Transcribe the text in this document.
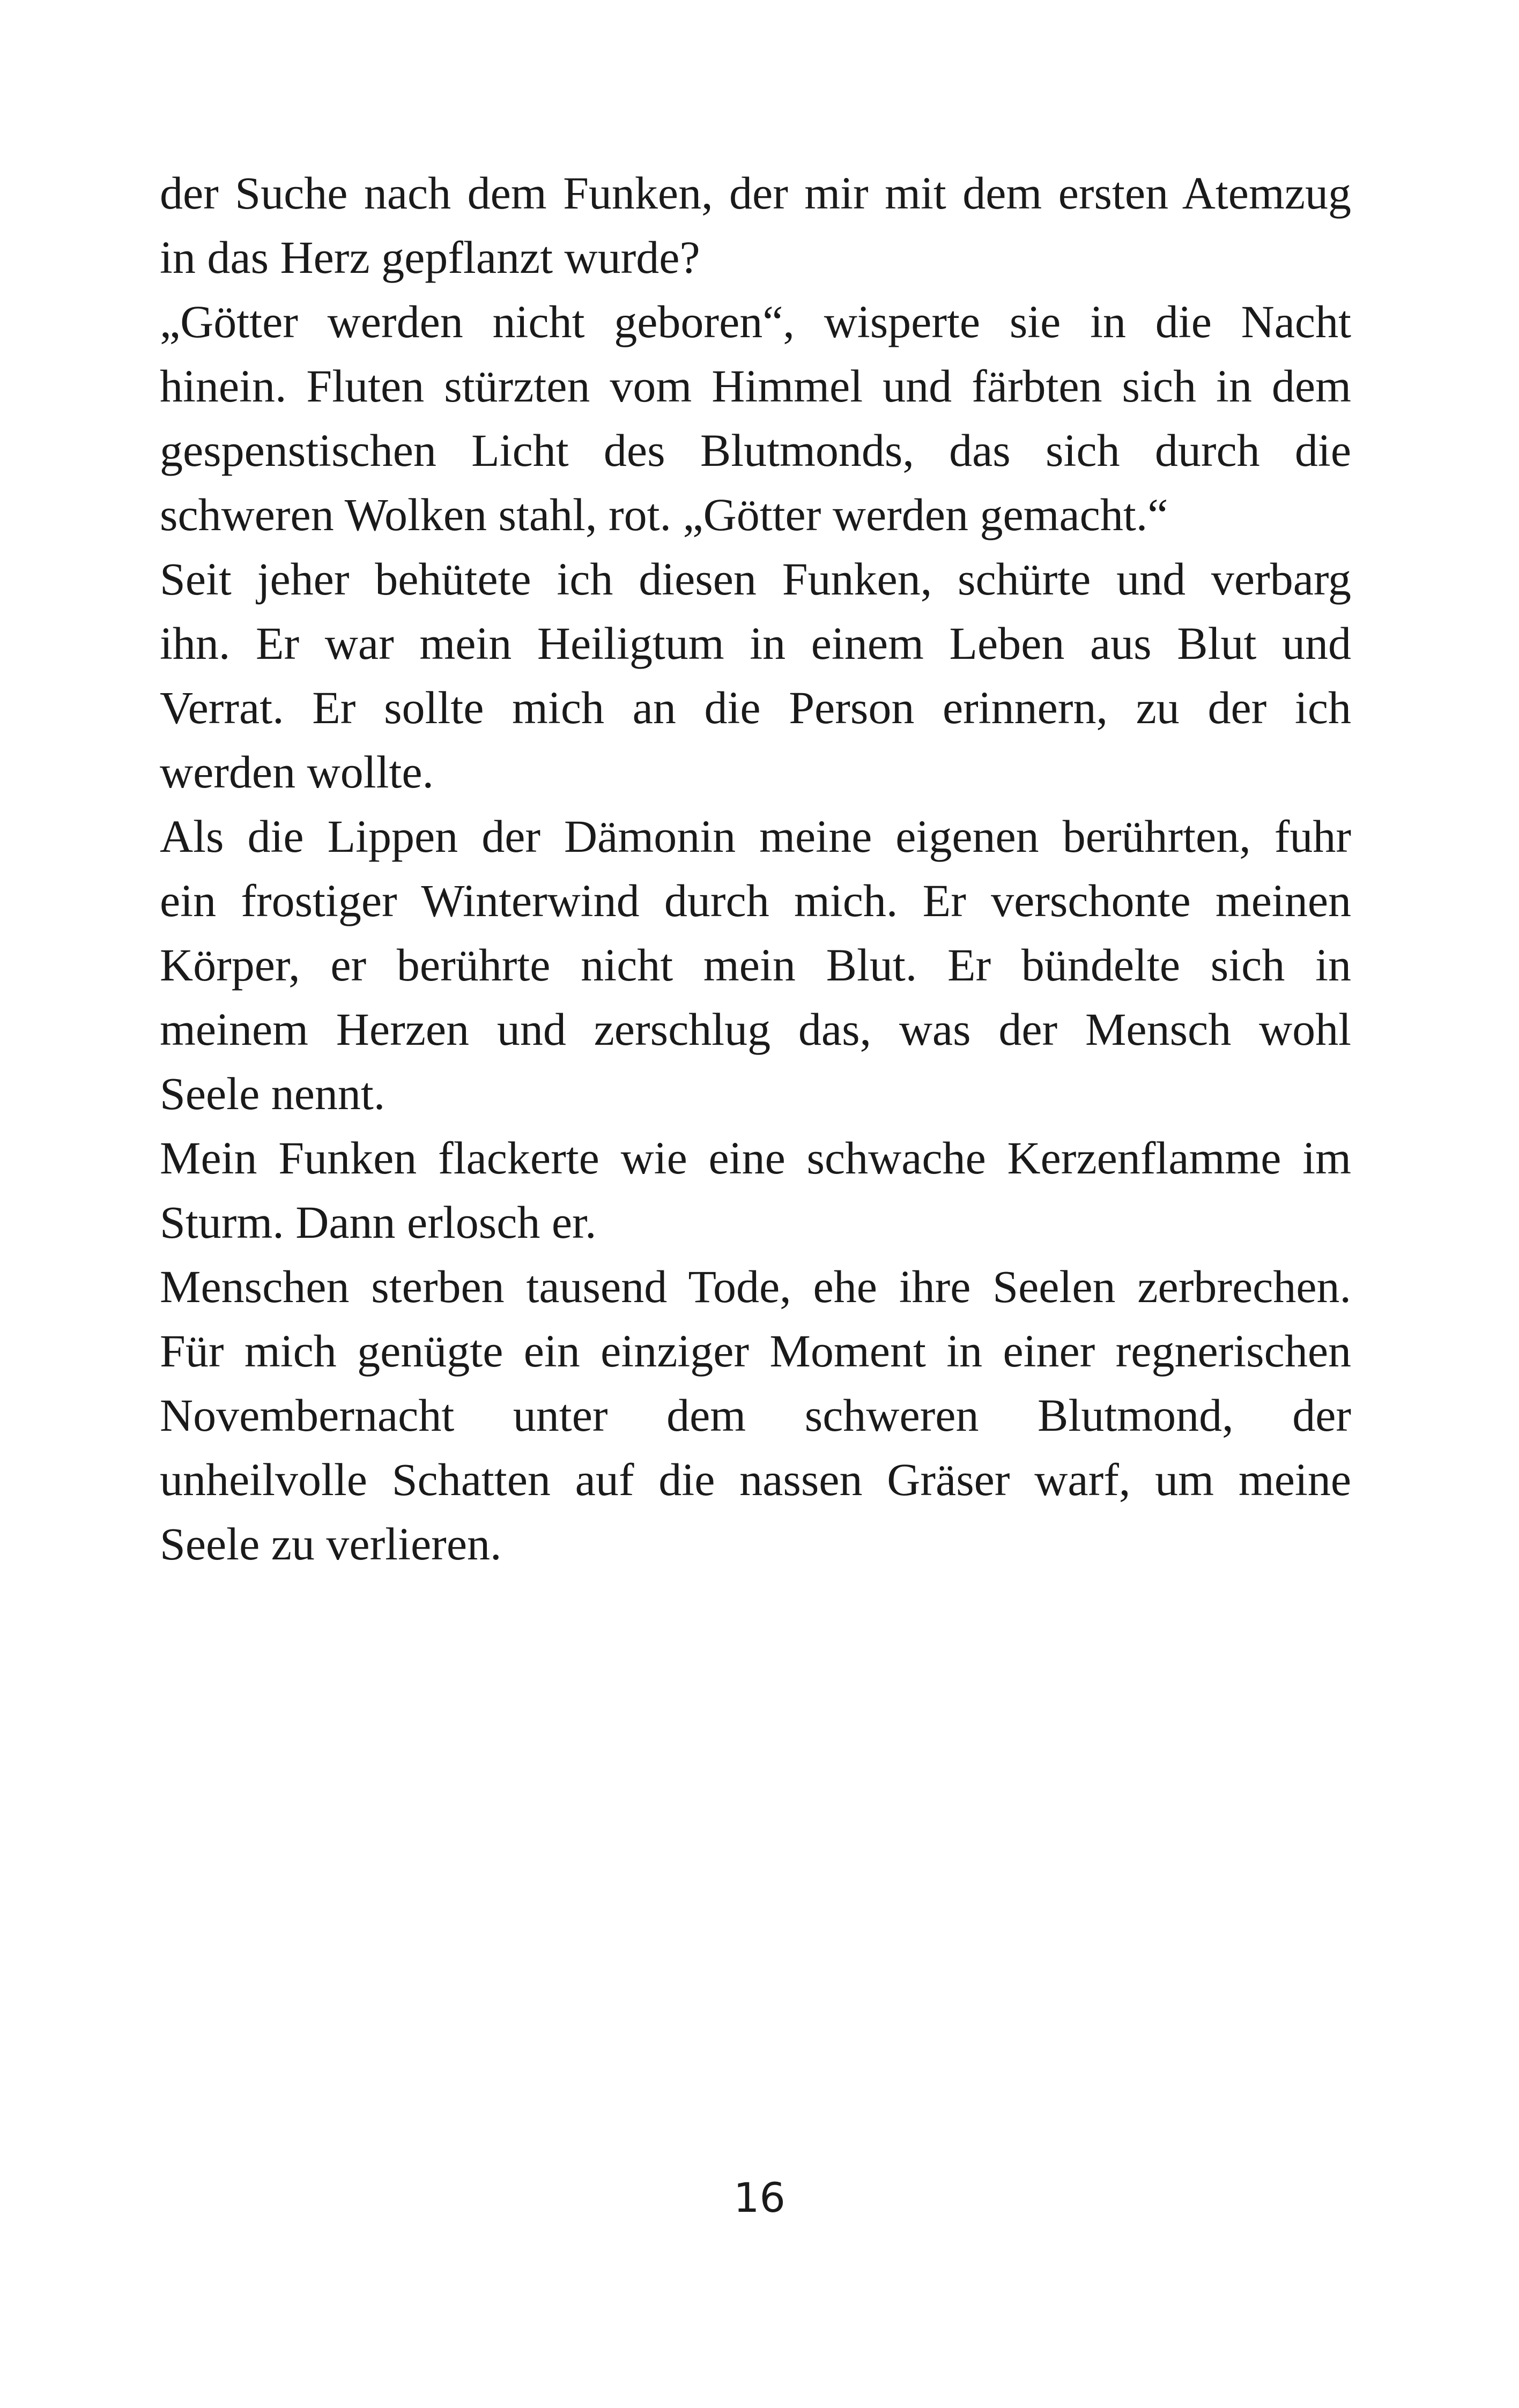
der Suche nach dem Funken, der mir mit dem ersten Atemzug
in das Herz gepflanzt wurde?
„Götter werden nicht geboren“, wisperte sie in die Nacht
hinein. Fluten stürzten vom Himmel und färbten sich in dem
gespenstischen Licht des Blutmonds, das sich durch die
schweren Wolken stahl, rot. „Götter werden gemacht.“
Seit jeher behütete ich diesen Funken, schürte und verbarg
ihn. Er war mein Heiligtum in einem Leben aus Blut und
Verrat. Er sollte mich an die Person erinnern, zu der ich
werden wollte.
Als die Lippen der Dämonin meine eigenen berührten, fuhr
ein frostiger Winterwind durch mich. Er verschonte meinen
Körper, er berührte nicht mein Blut. Er bündelte sich in
meinem Herzen und zerschlug das, was der Mensch wohl
Seele nennt.
Mein Funken flackerte wie eine schwache Kerzenflamme im
Sturm. Dann erlosch er.
Menschen sterben tausend Tode, ehe ihre Seelen zerbrechen.
Für mich genügte ein einziger Moment in einer regnerischen
Novembernacht unter dem schweren Blutmond, der
unheilvolle Schatten auf die nassen Gräser warf, um meine
Seele zu verlieren.
16
